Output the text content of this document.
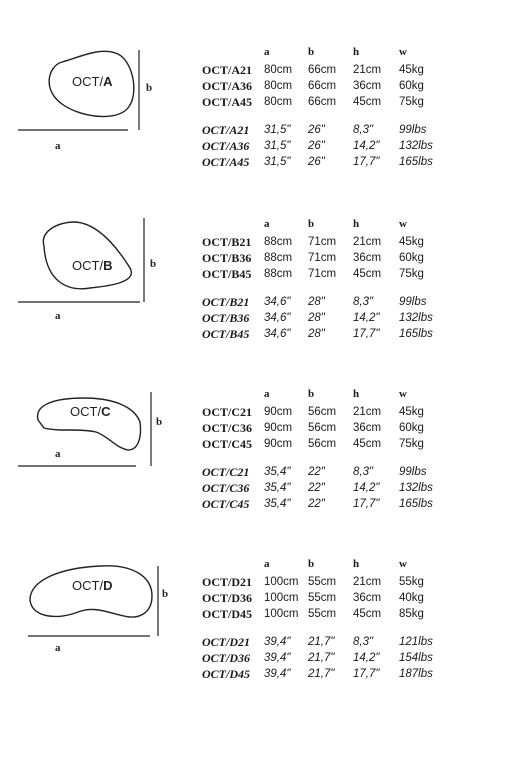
OCT/A
a
b
a	b	h	w
OCT/A21 80cm 66cm 21cm 45kg
OCT/A36 80cm 66cm 36cm 60kg
OCT/A45 80cm 66cm 45cm 75kg
OCT/A21 31,5" 26" 8,3" 99lbs
OCT/A36 31,5" 26" 14,2" 132lbs
OCT/A45 31,5" 26" 17,7" 165lbs
OCT/B
a
b
a	b	h	w
OCT/B21 88cm 71cm 21cm 45kg
OCT/B36 88cm 71cm 36cm 60kg
OCT/B45 88cm 71cm 45cm 75kg
OCT/B21 34,6" 28" 8,3" 99lbs
OCT/B36 34,6" 28" 14,2" 132lbs
OCT/B45 34,6" 28" 17,7" 165lbs
OCT/C
a
b
a	b	h	w
OCT/C21 90cm 56cm 21cm 45kg
OCT/C36 90cm 56cm 36cm 60kg
OCT/C45 90cm 56cm 45cm 75kg
OCT/C21 35,4" 22" 8,3" 99lbs
OCT/C36 35,4" 22" 14,2" 132lbs
OCT/C45 35,4" 22" 17,7" 165lbs
OCT/D
a
b
a	b	h	w
OCT/D21 100cm 55cm 21cm 55kg
OCT/D36 100cm 55cm 36cm 40kg
OCT/D45 100cm 55cm 45cm 85kg
OCT/D21 39,4" 21,7" 8,3" 121lbs
OCT/D36 39,4" 21,7" 14,2" 154lbs
OCT/D45 39,4" 21,7" 17,7" 187lbs
